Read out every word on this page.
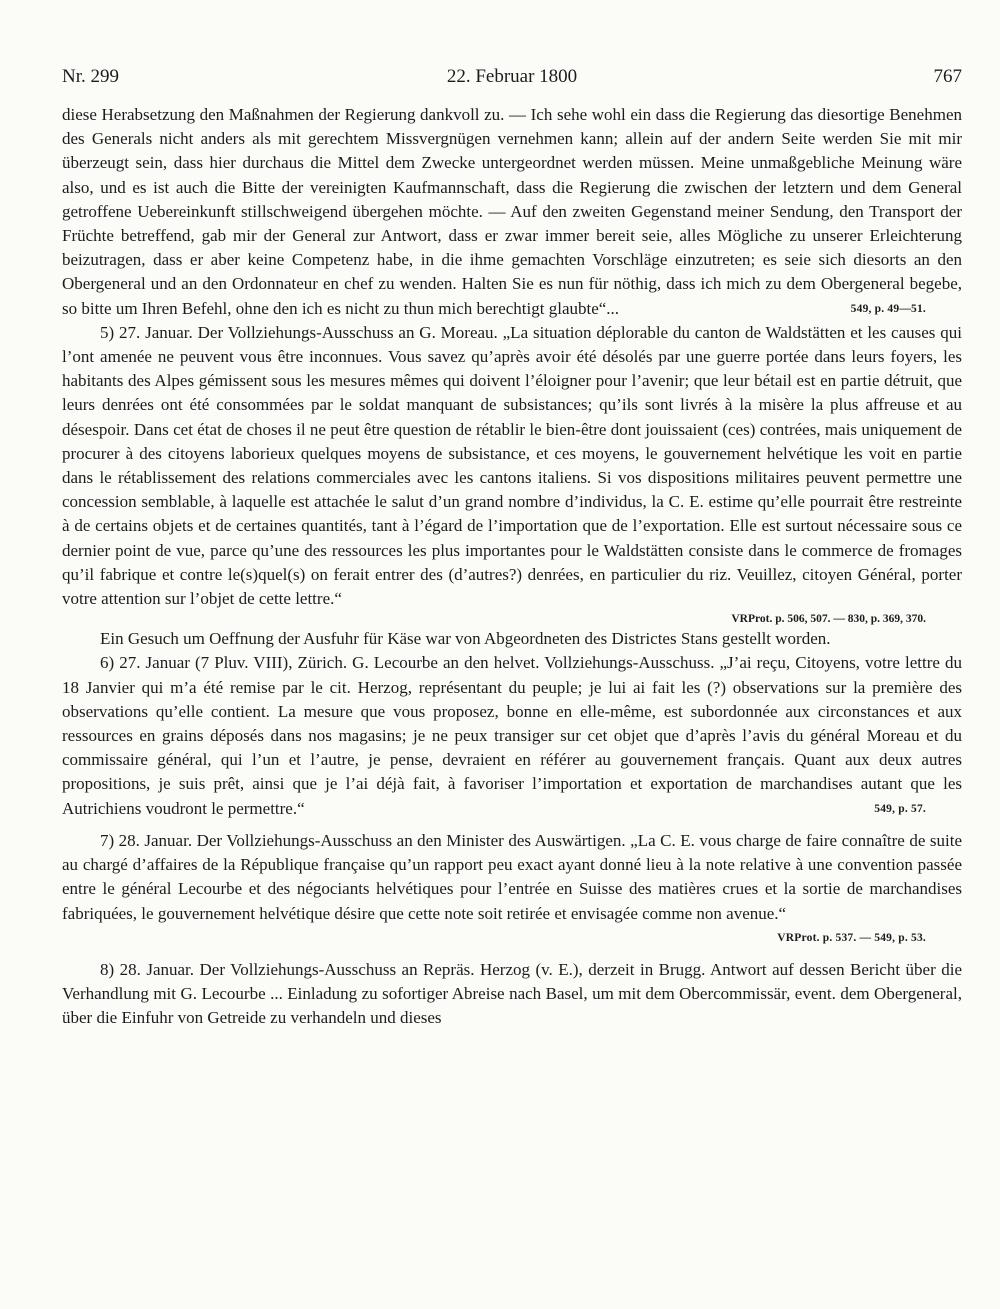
Nr. 299	22. Februar 1800	767

diese Herabsetzung den Maßnahmen der Regierung dankvoll zu. — Ich sehe wohl ein dass die Regierung das diesortige Benehmen des Generals nicht anders als mit gerechtem Missvergnügen vernehmen kann; allein auf der andern Seite werden Sie mit mir überzeugt sein, dass hier durchaus die Mittel dem Zwecke untergeordnet werden müssen. Meine unmaßgebliche Meinung wäre also, und es ist auch die Bitte der vereinigten Kaufmannschaft, dass die Regierung die zwischen der letztern und dem General getroffene Uebereinkunft stillschweigend übergehen möchte. — Auf den zweiten Gegenstand meiner Sendung, den Transport der Früchte betreffend, gab mir der General zur Antwort, dass er zwar immer bereit seie, alles Mögliche zu unserer Erleichterung beizutragen, dass er aber keine Competenz habe, in die ihme gemachten Vorschläge einzutreten; es seie sich diesorts an den Obergeneral und an den Ordonnateur en chef zu wenden. Halten Sie es nun für nöthig, dass ich mich zu dem Obergeneral begebe, so bitte um Ihren Befehl, ohne den ich es nicht zu thun mich berechtigt glaubte“...	549, p. 49—51.

5) 27. Januar. Der Vollziehungs-Ausschuss an G. Moreau. „La situation déplorable du canton de Waldstätten et les causes qui l’ont amenée ne peuvent vous être inconnues. Vous savez qu’après avoir été désolés par une guerre portée dans leurs foyers, les habitants des Alpes gémissent sous les mesures mêmes qui doivent l’éloigner pour l’avenir; que leur bétail est en partie détruit, que leurs denrées ont été consommées par le soldat manquant de subsistances; qu’ils sont livrés à la misère la plus affreuse et au désespoir. Dans cet état de choses il ne peut être question de rétablir le bien-être dont jouissaient (ces) contrées, mais uniquement de procurer à des citoyens laborieux quelques moyens de subsistance, et ces moyens, le gouvernement helvétique les voit en partie dans le rétablissement des relations commerciales avec les cantons italiens. Si vos dispositions militaires peuvent permettre une concession semblable, à laquelle est attachée le salut d’un grand nombre d’individus, la C. E. estime qu’elle pourrait être restreinte à de certains objets et de certaines quantités, tant à l’égard de l’importation que de l’exportation. Elle est surtout nécessaire sous ce dernier point de vue, parce qu’une des ressources les plus importantes pour le Waldstätten consiste dans le commerce de fromages qu’il fabrique et contre le(s)quel(s) on ferait entrer des (d’autres?) denrées, en particulier du riz. Veuillez, citoyen Général, porter votre attention sur l’objet de cette lettre.“

VRProt. p. 506, 507. — 830, p. 369, 370.

Ein Gesuch um Oeffnung der Ausfuhr für Käse war von Abgeordneten des Districtes Stans gestellt worden.

6) 27. Januar (7 Pluv. VIII), Zürich. G. Lecourbe an den helvet. Vollziehungs-Ausschuss. „J’ai reçu, Citoyens, votre lettre du 18 Janvier qui m’a été remise par le cit. Herzog, représentant du peuple; je lui ai fait les (?) observations sur la première des observations qu’elle contient. La mesure que vous proposez, bonne en elle-même, est subordonnée aux circonstances et aux ressources en grains déposés dans nos magasins; je ne peux transiger sur cet objet que d’après l’avis du général Moreau et du commissaire général, qui l’un et l’autre, je pense, devraient en référer au gouvernement français. Quant aux deux autres propositions, je suis prêt, ainsi que je l’ai déjà fait, à favoriser l’importation et exportation de marchandises autant que les Autrichiens voudront le permettre.“	549, p. 57.

7) 28. Januar. Der Vollziehungs-Ausschuss an den Minister des Auswärtigen. „La C. E. vous charge de faire connaître de suite au chargé d’affaires de la République française qu’un rapport peu exact ayant donné lieu à la note relative à une convention passée entre le général Lecourbe et des négociants helvétiques pour l’entrée en Suisse des matières crues et la sortie de marchandises fabriquées, le gouvernement helvétique désire que cette note soit retirée et envisagée comme non avenue.“
VRProt. p. 537. — 549, p. 53.

8) 28. Januar. Der Vollziehungs-Ausschuss an Repräs. Herzog (v. E.), derzeit in Brugg. Antwort auf dessen Bericht über die Verhandlung mit G. Lecourbe ... Einladung zu sofortiger Abreise nach Basel, um mit dem Obercommissär, event. dem Obergeneral, über die Einfuhr von Getreide zu verhandeln und dieses
